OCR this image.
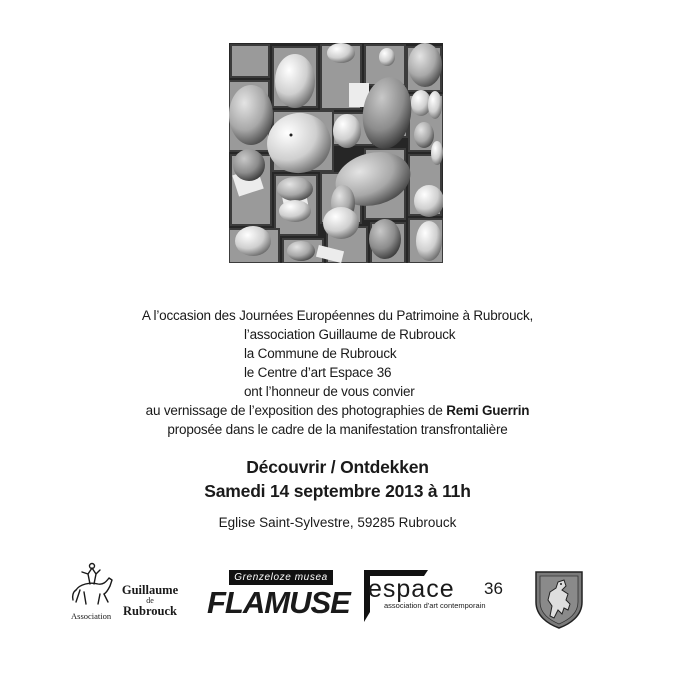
A l’occasion des Journées Européennes du Patrimoine à Rubrouck,
l’association Guillaume de Rubrouck
la Commune de Rubrouck
le Centre d’art Espace 36
ont l’honneur de vous convier
au vernissage de l’exposition des photographies de Remi Guerrin
proposée dans le cadre de la manifestation transfrontalière
Découvrir / Ontdekken
Samedi 14 septembre 2013 à 11h
Eglise Saint-Sylvestre, 59285 Rubrouck
Guillaume
de
Rubrouck
Association
Grenzeloze musea
FLAMUSE espace 36
association d'art contemporain
